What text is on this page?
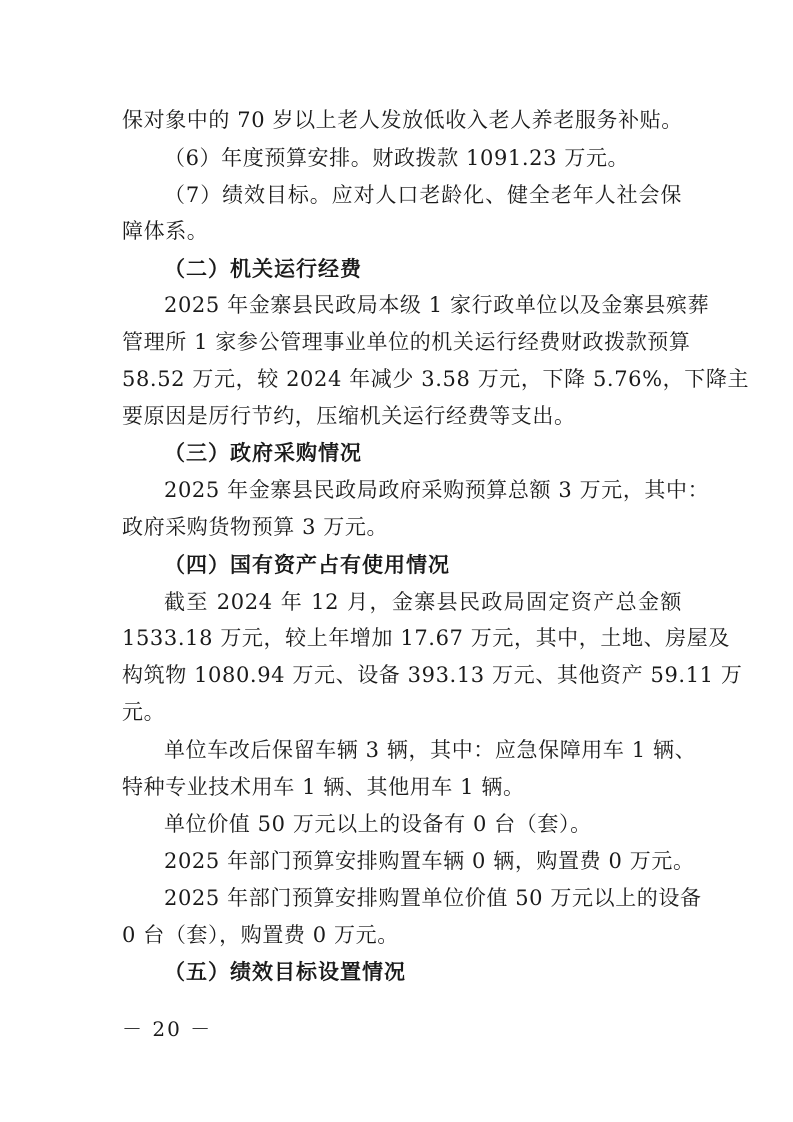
保对象中的 70 岁以上老人发放低收入老人养老服务补贴。
（6）年度预算安排。财政拨款 1091.23 万元。
（7）绩效目标。应对人口老龄化、健全老年人社会保
障体系。
（二）机关运行经费
2025 年金寨县民政局本级 1 家行政单位以及金寨县殡葬
管理所 1 家参公管理事业单位的机关运行经费财政拨款预算
58.52 万元，较 2024 年减少 3.58 万元，下降 5.76%，下降主
要原因是厉行节约，压缩机关运行经费等支出。
（三）政府采购情况
2025 年金寨县民政局政府采购预算总额 3 万元，其中：
政府采购货物预算 3 万元。
（四）国有资产占有使用情况
截至 2024 年 12 月，金寨县民政局固定资产总金额
1533.18 万元，较上年增加 17.67 万元，其中，土地、房屋及
构筑物 1080.94 万元、设备 393.13 万元、其他资产 59.11 万
元。
单位车改后保留车辆 3 辆，其中：应急保障用车 1 辆、
特种专业技术用车 1 辆、其他用车 1 辆。
单位价值 50 万元以上的设备有 0 台（套）。
2025 年部门预算安排购置车辆 0 辆，购置费 0 万元。
2025 年部门预算安排购置单位价值 50 万元以上的设备
0 台（套），购置费 0 万元。
（五）绩效目标设置情况
－ 20 －
